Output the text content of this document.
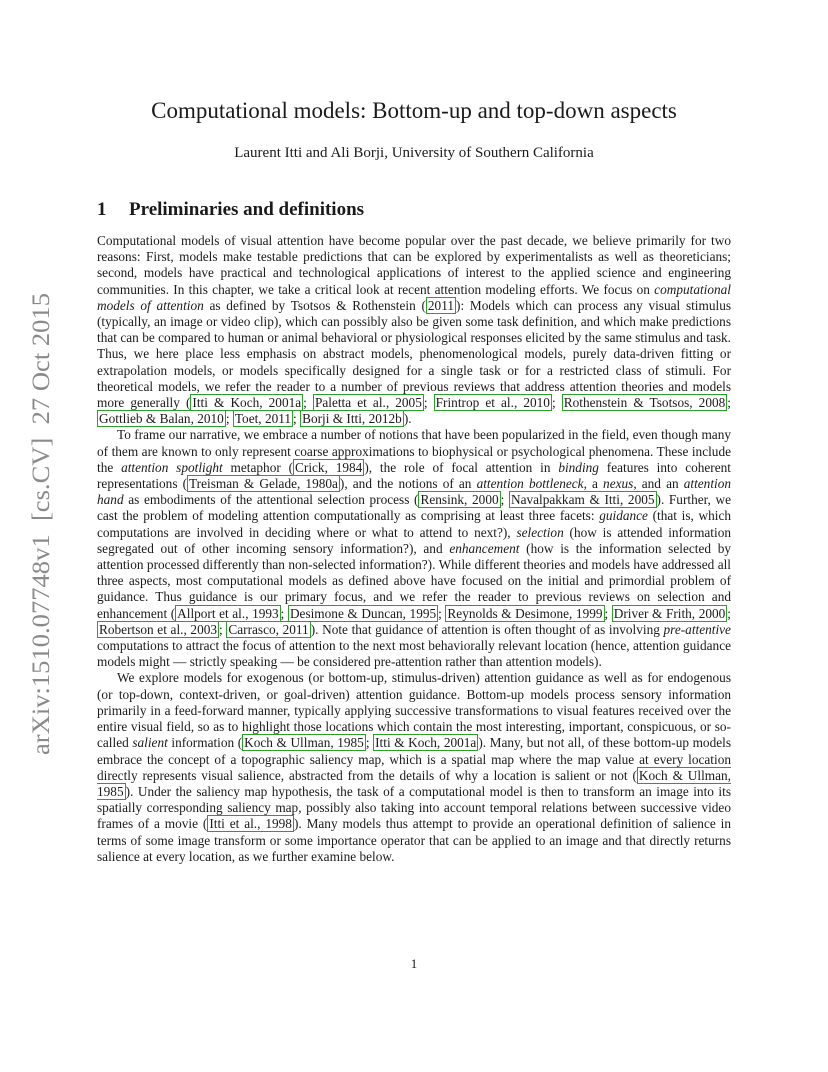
arXiv:1510.07748v1  [cs.CV]  27 Oct 2015
Computational models: Bottom-up and top-down aspects
Laurent Itti and Ali Borji, University of Southern California
1 Preliminaries and definitions

Computational models of visual attention have become popular over the past decade, we believe primarily for two reasons: First, models make testable predictions that can be explored by experimentalists as well as theoreticians; second, models have practical and technological applications of interest to the applied science and engineering communities. In this chapter, we take a critical look at recent attention modeling efforts. We focus on computational models of attention as defined by Tsotsos & Rothenstein ( 2011 ): Models which can process any visual stimulus (typically, an image or video clip), which can possibly also be given some task definition, and which make predictions that can be compared to human or animal behavioral or physiological responses elicited by the same stimulus and task. Thus, we here place less emphasis on abstract models, phenomenological models, purely data-driven fitting or extrapolation models, or models specifically designed for a single task or for a restricted class of stimuli. For theoretical models, we refer the reader to a number of previous reviews that address attention theories and models more generally ( Itti & Koch, 2001a ; Paletta et al., 2005 ; Frintrop et al., 2010 ; Rothenstein & Tsotsos, 2008 ; Gottlieb & Balan, 2010 ; Toet, 2011 ; Borji & Itti, 2012b ).

To frame our narrative, we embrace a number of notions that have been popularized in the field, even though many of them are known to only represent coarse approximations to biophysical or psychological phenomena. These include the attention spotlight metaphor ( Crick, 1984 ), the role of focal attention in binding features into coherent representations ( Treisman & Gelade, 1980a ), and the notions of an attention bottleneck, a nexus, and an attention hand as embodiments of the attentional selection process ( Rensink, 2000 ; Navalpakkam & Itti, 2005 ). Further, we cast the problem of modeling attention computationally as comprising at least three facets: guidance (that is, which computations are involved in deciding where or what to attend to next?), selection (how is attended information segregated out of other incoming sensory information?), and enhancement (how is the information selected by attention processed differently than non-selected information?). While different theories and models have addressed all three aspects, most computational models as defined above have focused on the initial and primordial problem of guidance. Thus guidance is our primary focus, and we refer the reader to previous reviews on selection and enhancement ( Allport et al., 1993 ; Desimone & Duncan, 1995 ; Reynolds & Desimone, 1999 ; Driver & Frith, 2000 ; Robertson et al., 2003 ; Carrasco, 2011 ). Note that guidance of attention is often thought of as involving pre-attentive computations to attract the focus of attention to the next most behaviorally relevant location (hence, attention guidance models might — strictly speaking — be considered pre-attention rather than attention models).

We explore models for exogenous (or bottom-up, stimulus-driven) attention guidance as well as for endogenous (or top-down, context-driven, or goal-driven) attention guidance. Bottom-up models process sensory information primarily in a feed-forward manner, typically applying successive transformations to visual features received over the entire visual field, so as to highlight those locations which contain the most interesting, important, conspicuous, or so-called salient information ( Koch & Ullman, 1985 ; Itti & Koch, 2001a ). Many, but not all, of these bottom-up models embrace the concept of a topographic saliency map, which is a spatial map where the map value at every location directly represents visual salience, abstracted from the details of why a location is salient or not ( Koch & Ullman, 1985 ). Under the saliency map hypothesis, the task of a computational model is then to transform an image into its spatially corresponding saliency map, possibly also taking into account temporal relations between successive video frames of a movie ( Itti et al., 1998 ). Many models thus attempt to provide an operational definition of salience in terms of some image transform or some importance operator that can be applied to an image and that directly returns salience at every location, as we further examine below.

1
